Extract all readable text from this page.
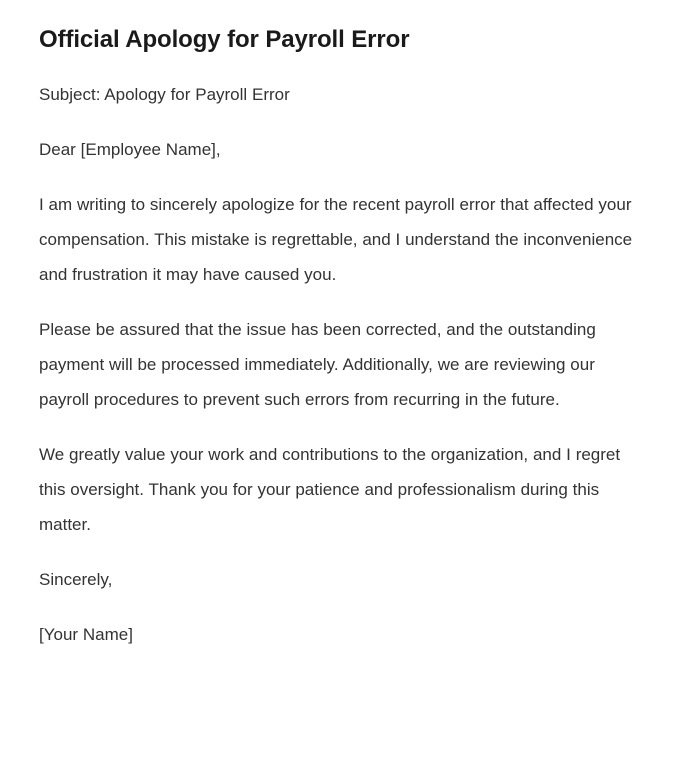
Official Apology for Payroll Error

Subject: Apology for Payroll Error

Dear [Employee Name],

I am writing to sincerely apologize for the recent payroll error that affected your compensation. This mistake is regrettable, and I understand the inconvenience and frustration it may have caused you.

Please be assured that the issue has been corrected, and the outstanding payment will be processed immediately. Additionally, we are reviewing our payroll procedures to prevent such errors from recurring in the future.

We greatly value your work and contributions to the organization, and I regret this oversight. Thank you for your patience and professionalism during this matter.

Sincerely,

[Your Name]
